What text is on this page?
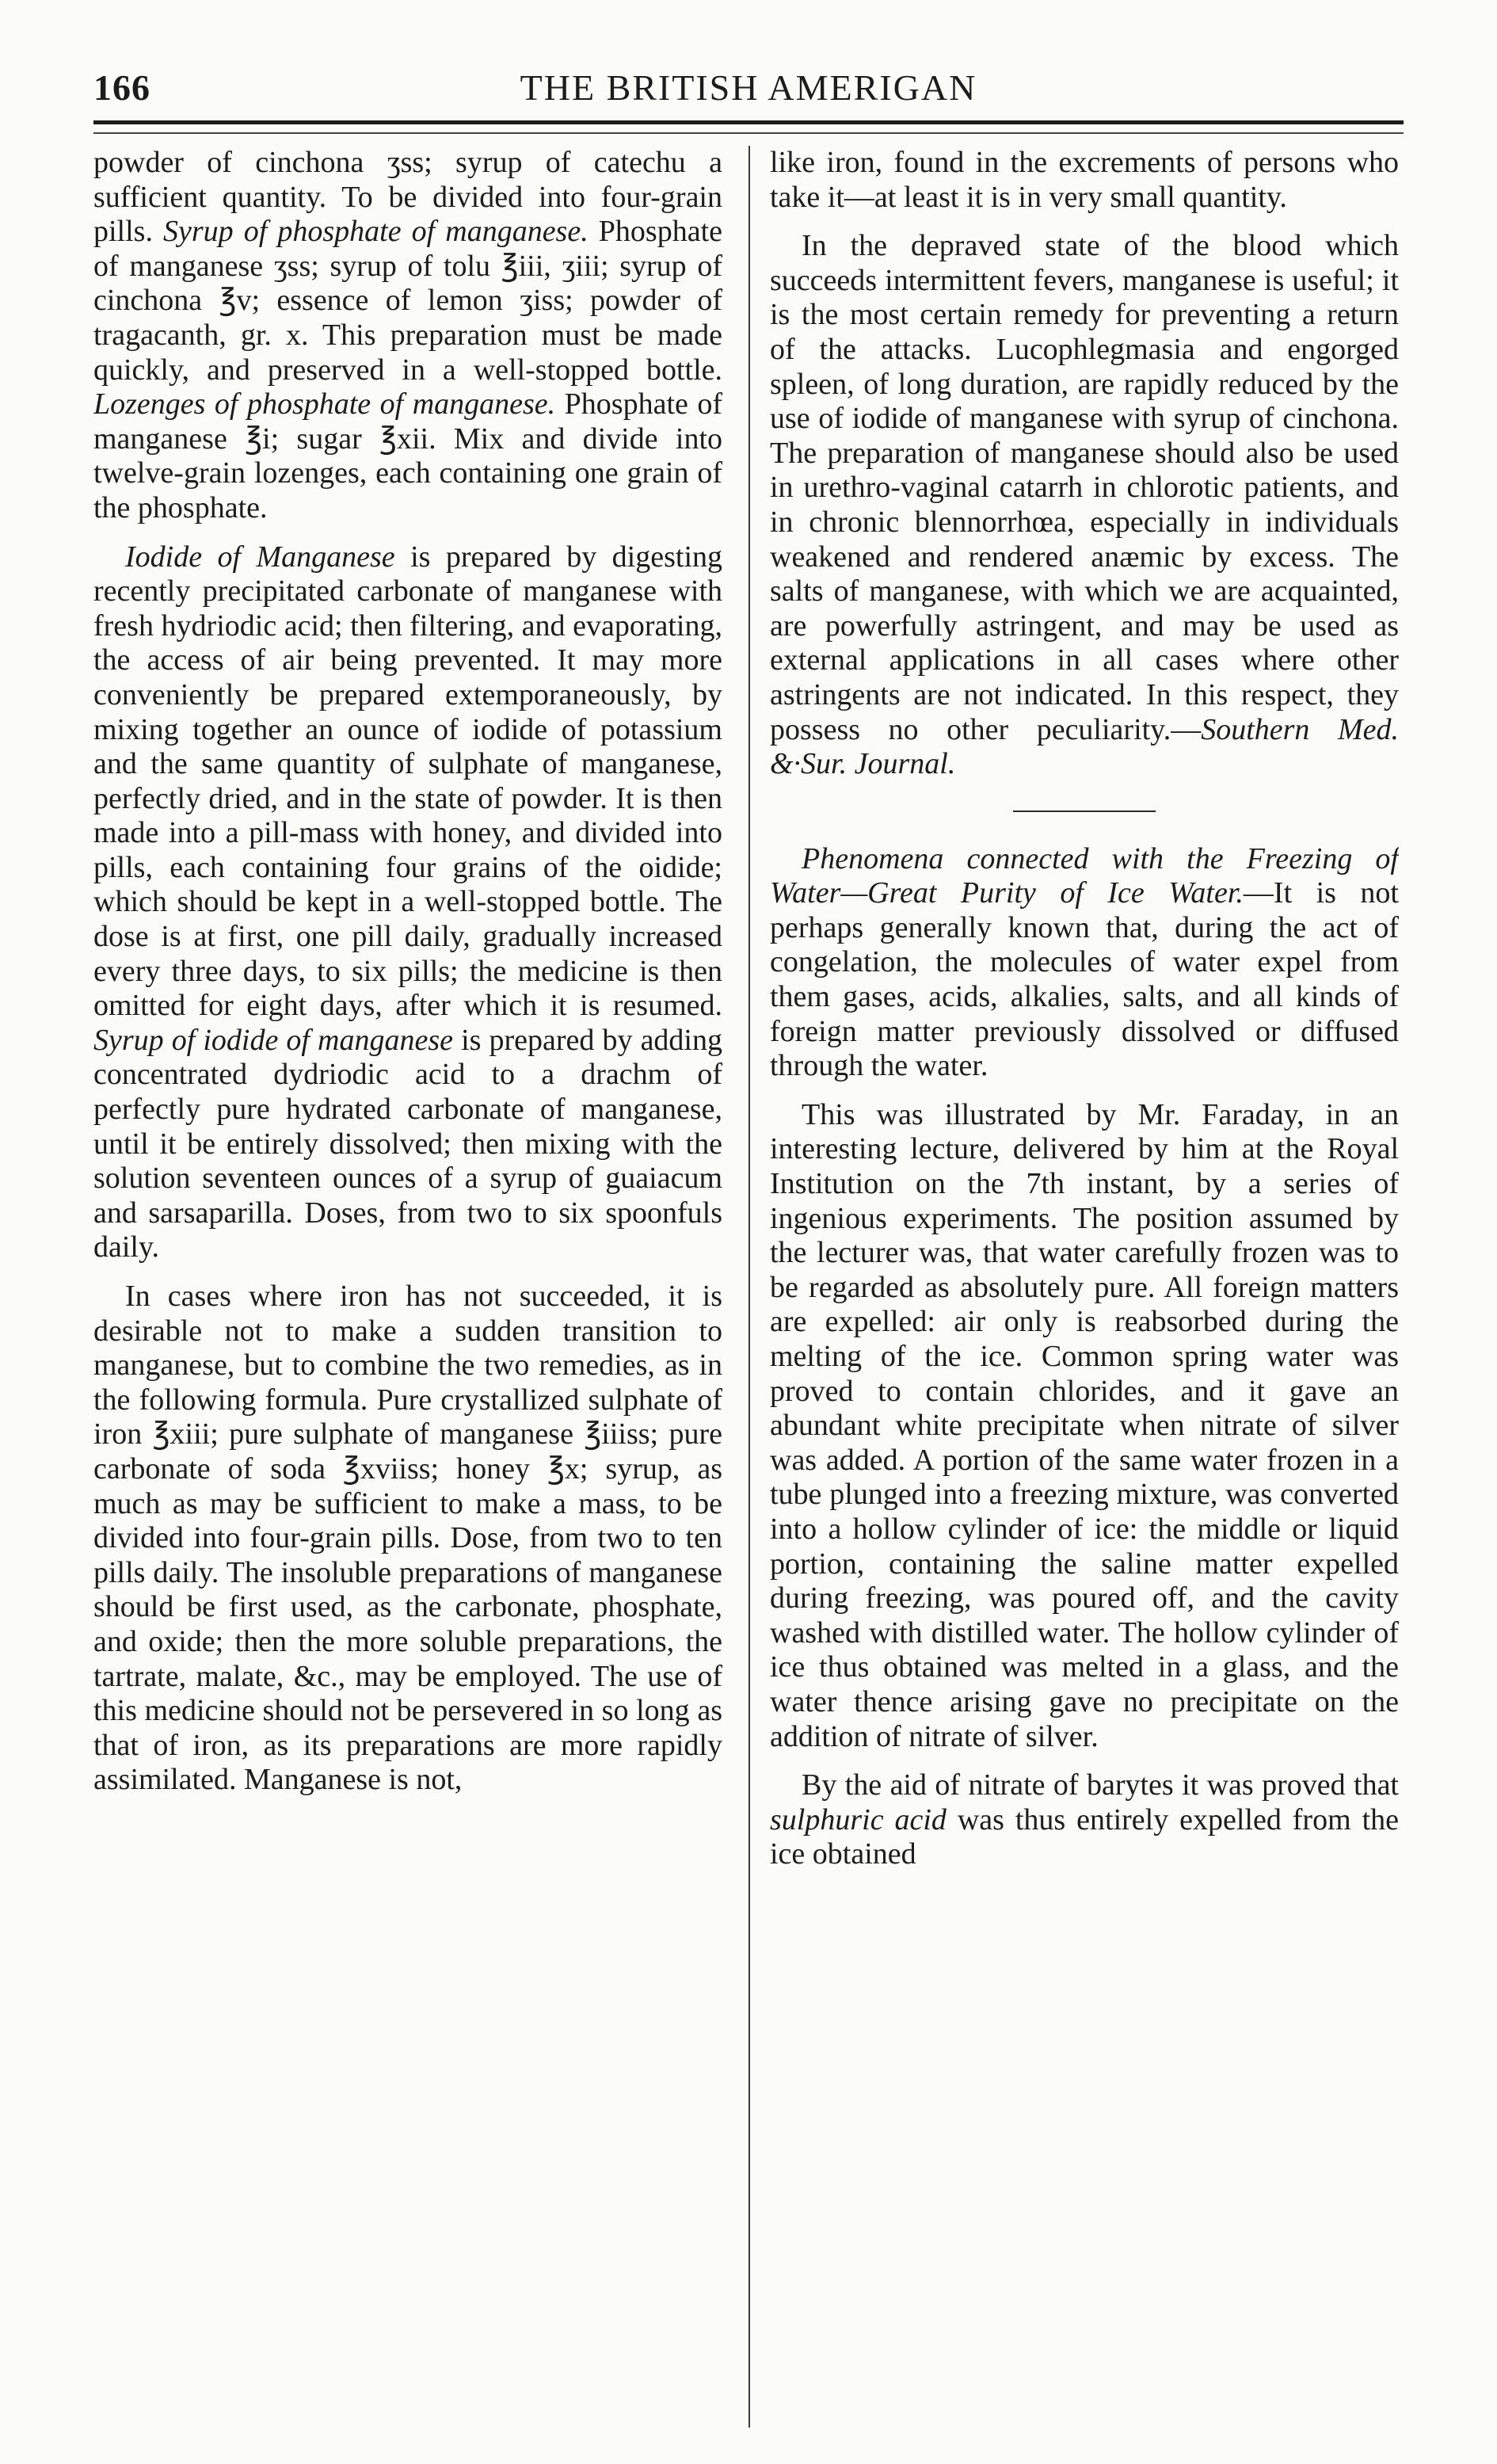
166	THE BRITISH AMERIGAN

powder of cinchona ʒss; syrup of catechu a sufficient quantity. To be divided into four-grain pills. Syrup of phosphate of manganese. Phosphate of manganese ʒss; syrup of tolu ℥iii, ʒiii; syrup of cinchona ℥v; essence of lemon ʒiss; powder of tragacanth, gr. x. This preparation must be made quickly, and preserved in a well-stopped bottle. Lozenges of phosphate of manganese. Phosphate of manganese ℥i; sugar ℥xii. Mix and divide into twelve-grain lozenges, each containing one grain of the phosphate.

Iodide of Manganese is prepared by digesting recently precipitated carbonate of manganese with fresh hydriodic acid; then filtering, and evaporating, the access of air being prevented. It may more conveniently be prepared extemporaneously, by mixing together an ounce of iodide of potassium and the same quantity of sulphate of manganese, perfectly dried, and in the state of powder. It is then made into a pill-mass with honey, and divided into pills, each containing four grains of the oidide; which should be kept in a well-stopped bottle. The dose is at first, one pill daily, gradually increased every three days, to six pills; the medicine is then omitted for eight days, after which it is resumed. Syrup of iodide of manganese is prepared by adding concentrated dydriodic acid to a drachm of perfectly pure hydrated carbonate of manganese, until it be entirely dissolved; then mixing with the solution seventeen ounces of a syrup of guaiacum and sarsaparilla. Doses, from two to six spoonfuls daily.

In cases where iron has not succeeded, it is desirable not to make a sudden transition to manganese, but to combine the two remedies, as in the following formula. Pure crystallized sulphate of iron ℥xiii; pure sulphate of manganese ℥iiiss; pure carbonate of soda ℥xviiss; honey ℥x; syrup, as much as may be sufficient to make a mass, to be divided into four-grain pills. Dose, from two to ten pills daily. The insoluble preparations of manganese should be first used, as the carbonate, phosphate, and oxide; then the more soluble preparations, the tartrate, malate, &c., may be employed. The use of this medicine should not be persevered in so long as that of iron, as its preparations are more rapidly assimilated. Manganese is not,

like iron, found in the excrements of persons who take it—at least it is in very small quantity.

In the depraved state of the blood which succeeds intermittent fevers, manganese is useful; it is the most certain remedy for preventing a return of the attacks. Lucophlegmasia and engorged spleen, of long duration, are rapidly reduced by the use of iodide of manganese with syrup of cinchona. The preparation of manganese should also be used in urethro-vaginal catarrh in chlorotic patients, and in chronic blennorrhœa, especially in individuals weakened and rendered anæmic by excess. The salts of manganese, with which we are acquainted, are powerfully astringent, and may be used as external applications in all cases where other astringents are not indicated. In this respect, they possess no other peculiarity.—Southern Med. &·Sur. Journal.

Phenomena connected with the Freezing of Water—Great Purity of Ice Water.—It is not perhaps generally known that, during the act of congelation, the molecules of water expel from them gases, acids, alkalies, salts, and all kinds of foreign matter previously dissolved or diffused through the water.

This was illustrated by Mr. Faraday, in an interesting lecture, delivered by him at the Royal Institution on the 7th instant, by a series of ingenious experiments. The position assumed by the lecturer was, that water carefully frozen was to be regarded as absolutely pure. All foreign matters are expelled: air only is reabsorbed during the melting of the ice. Common spring water was proved to contain chlorides, and it gave an abundant white precipitate when nitrate of silver was added. A portion of the same water frozen in a tube plunged into a freezing mixture, was converted into a hollow cylinder of ice: the middle or liquid portion, containing the saline matter expelled during freezing, was poured off, and the cavity washed with distilled water. The hollow cylinder of ice thus obtained was melted in a glass, and the water thence arising gave no precipitate on the addition of nitrate of silver.

By the aid of nitrate of barytes it was proved that sulphuric acid was thus entirely expelled from the ice obtained
